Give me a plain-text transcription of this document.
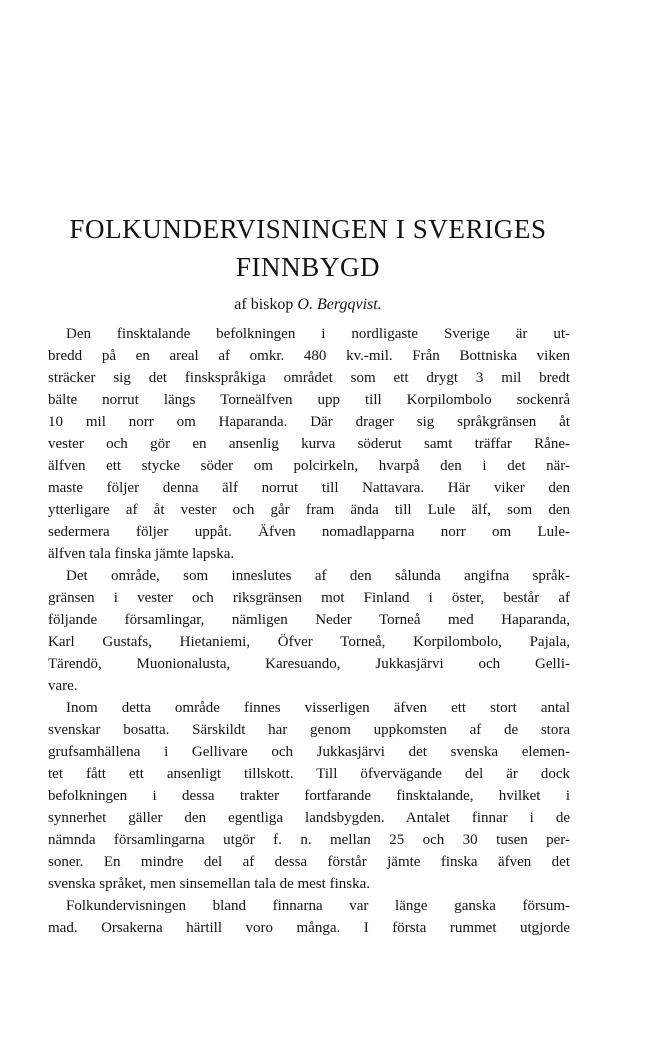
FOLKUNDERVISNINGEN I SVERIGES
FINNBYGD
af biskop O. Bergqvist.
Den finsktalande befolkningen i nordligaste Sverige är ut-
bredd på en areal af omkr. 480 kv.-mil. Från Bottniska viken
sträcker sig det finskspråkiga området som ett drygt 3 mil bredt
bälte norrut längs Torneälfven upp till Korpilombolo sockenrå
10 mil norr om Haparanda. Där drager sig språkgränsen åt
vester och gör en ansenlig kurva söderut samt träffar Råne-
älfven ett stycke söder om polcirkeln, hvarpå den i det när-
maste följer denna älf norrut till Nattavara. Här viker den
ytterligare af åt vester och går fram ända till Lule älf, som den
sedermera följer uppåt. Äfven nomadlapparna norr om Lule-
älfven tala finska jämte lapska.
Det område, som inneslutes af den sålunda angifna språk-
gränsen i vester och riksgränsen mot Finland i öster, består af
följande församlingar, nämligen Neder Torneå med Haparanda,
Karl Gustafs, Hietaniemi, Öfver Torneå, Korpilombolo, Pajala,
Tärendö, Muonionalusta, Karesuando, Jukkasjärvi och Gelli-
vare.
Inom detta område finnes visserligen äfven ett stort antal
svenskar bosatta. Särskildt har genom uppkomsten af de stora
grufsamhällena i Gellivare och Jukkasjärvi det svenska elemen-
tet fått ett ansenligt tillskott. Till öfvervägande del är dock
befolkningen i dessa trakter fortfarande finsktalande, hvilket i
synnerhet gäller den egentliga landsbygden. Antalet finnar i de
nämnda församlingarna utgör f. n. mellan 25 och 30 tusen per-
soner. En mindre del af dessa förstår jämte finska äfven det
svenska språket, men sinsemellan tala de mest finska.
Folkundervisningen bland finnarna var länge ganska försum-
mad. Orsakerna härtill voro många. I första rummet utgjorde
